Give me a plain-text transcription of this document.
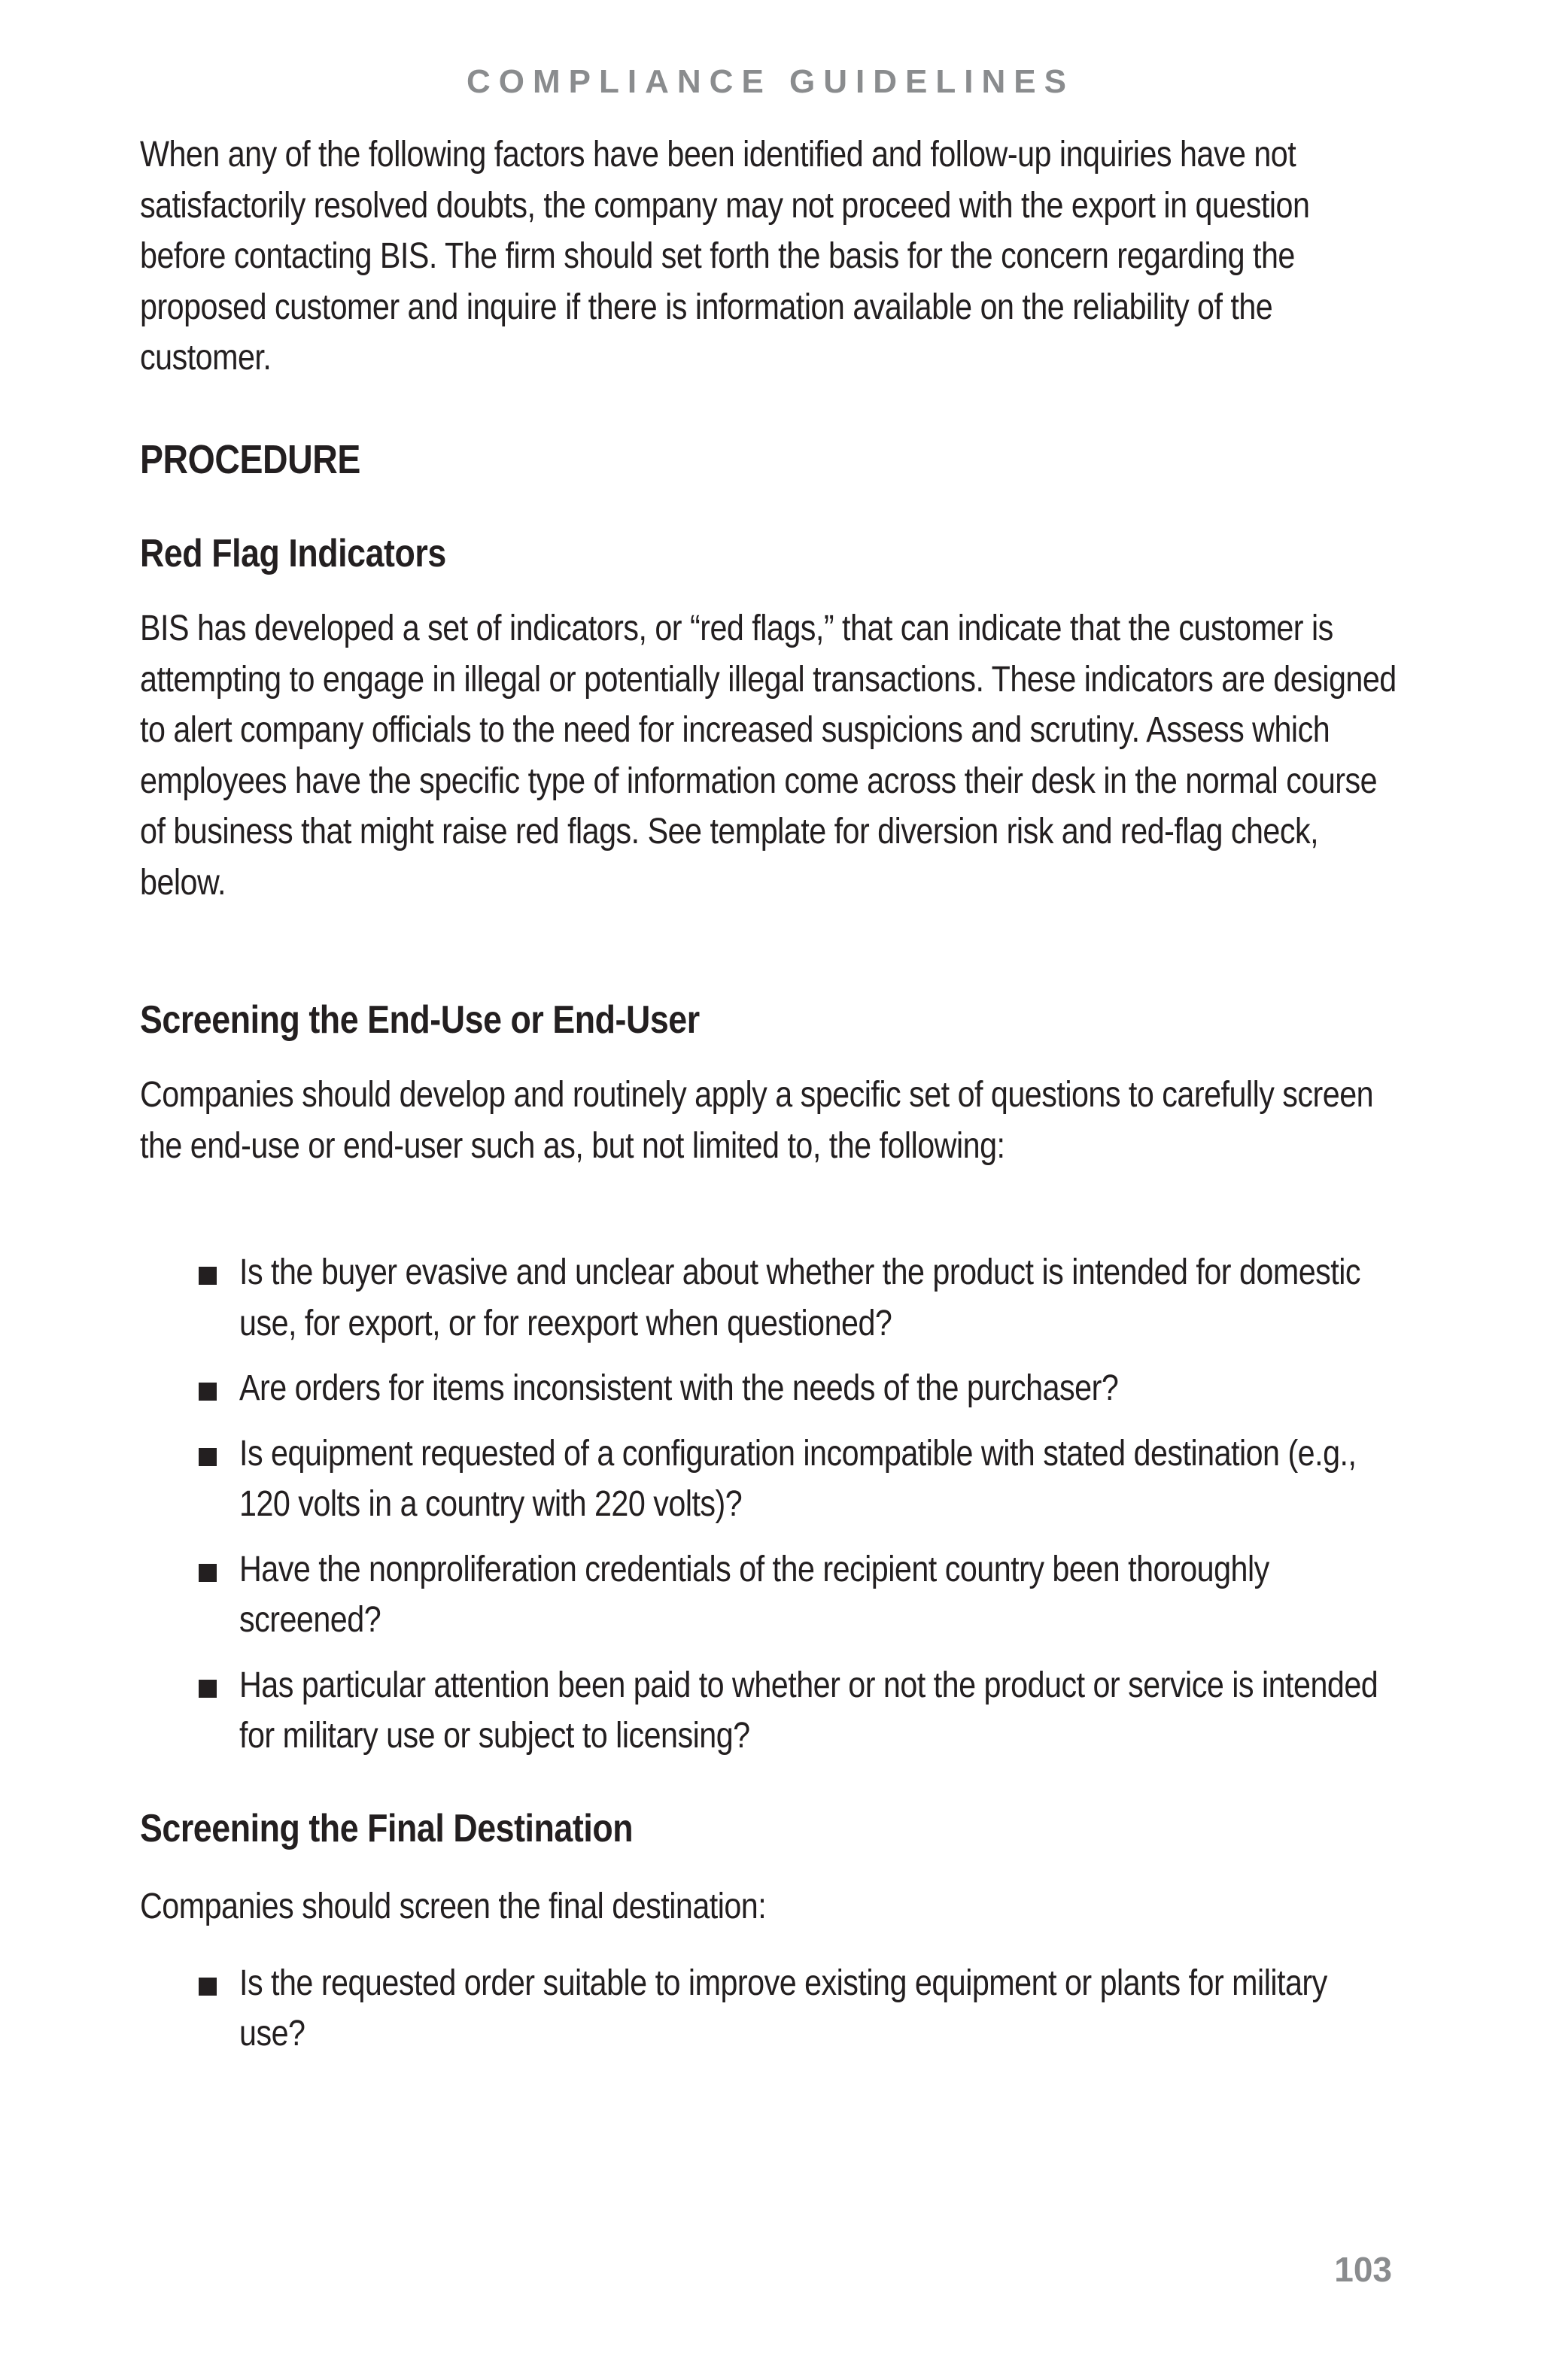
COMPLIANCE GUIDELINES

When any of the following factors have been identified and follow-up inquiries have not satisfactorily resolved doubts, the company may not proceed with the export in question before contacting BIS. The firm should set forth the basis for the concern regarding the proposed customer and inquire if there is information available on the reliability of the customer.

PROCEDURE
Red Flag Indicators

BIS has developed a set of indicators, or “red flags,” that can indicate that the customer is attempting to engage in illegal or potentially illegal transactions. These indicators are designed to alert company officials to the need for increased suspicions and scrutiny. Assess which employees have the specific type of information come across their desk in the normal course of business that might raise red flags. See template for diversion risk and red-flag check, below.

Screening the End-Use or End-User

Companies should develop and routinely apply a specific set of questions to carefully screen the end-use or end-user such as, but not limited to, the following:

Is the buyer evasive and unclear about whether the product is intended for domestic use, for export, or for reexport when questioned?
Are orders for items inconsistent with the needs of the purchaser?
Is equipment requested of a configuration incompatible with stated destination (e.g., 120 volts in a country with 220 volts)?
Have the nonproliferation credentials of the recipient country been thoroughly screened?
Has particular attention been paid to whether or not the product or service is intended for military use or subject to licensing?
Screening the Final Destination

Companies should screen the final destination:

Is the requested order suitable to improve existing equipment or plants for military use?
103
